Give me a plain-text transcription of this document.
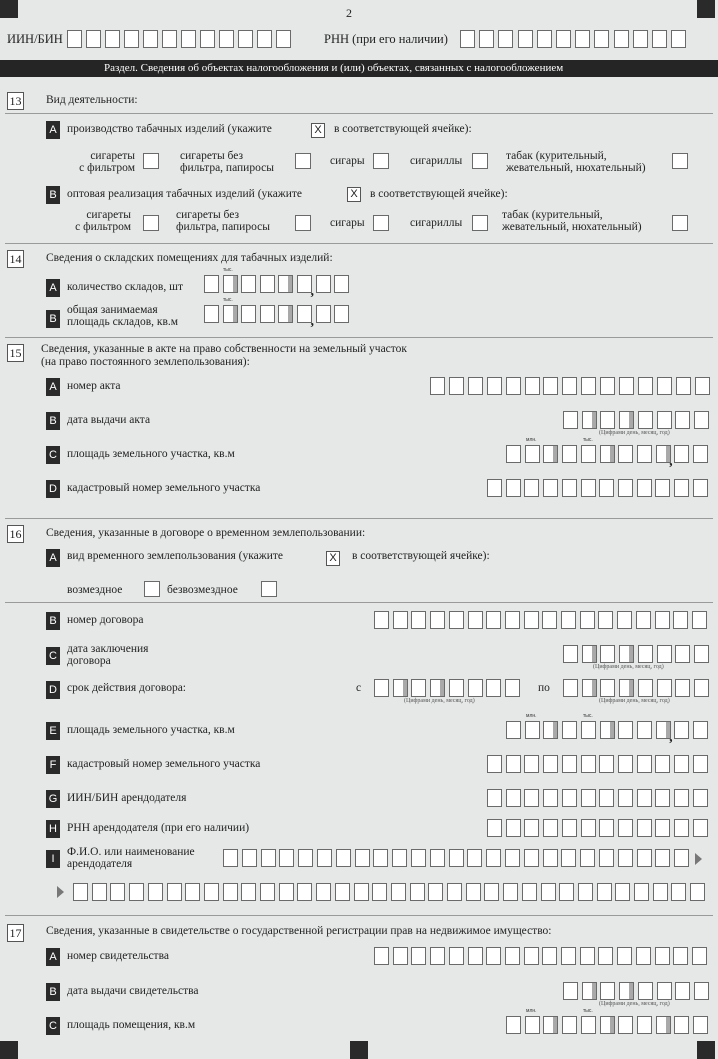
2
ИИН/БИН	РНН (при его наличии)
Раздел. Сведения об объектах налогообложения и (или) объектах, связанных с налогообложением
13 Вид деятельности:
A производство табачных изделий (укажите	X в соответствующей ячейке):
сигареты
с фильтром
сигареты без
фильтра, папиросы
сигары	сигариллы	табак (курительный,
жевательный, нюхательный)
B оптовая реализация табачных изделий (укажите	X в соответствующей ячейке):
сигареты
с фильтром
сигареты без
фильтра, папиросы	сигары	сигариллы
табак (курительный,
жевательный, нюхательный)
14 Сведения о складских помещениях для табачных изделий:
A количество складов, шт
тыс.
,
B
общая занимаемая
площадь складов, кв.м
тыс.
,
15 Сведения, указанные в акте на право собственности на земельный участок
(на право постоянного землепользования):
A номер акта
B дата выдачи акта
(Цифрами день, месяц, год)
C площадь земельного участка, кв.м
млн.	тыс.
,
D кадастровый номер земельного участка
16 Сведения, указанные в договоре о временном землепользовании:
A вид временного землепользования (укажите	X в соответствующей ячейке):
возмездное	безвозмездное
B номер договора
C
дата заключения
договора	(Цифрами день, месяц, год)
D срок действия договора:	с
(Цифрами день, месяц, год)
по
(Цифрами день, месяц, год)
E площадь земельного участка, кв.м
млн.	тыс.
,
F кадастровый номер земельного участка
G ИИН/БИН арендодателя
H РНН арендодателя (при его наличии)
I
Ф.И.О. или наименование
арендодателя
17 Сведения, указанные в свидетельстве о государственной регистрации прав на недвижимое имущество:
A номер свидетельства
B дата выдачи свидетельства
(Цифрами день, месяц, год)
C площадь помещения, кв.м
млн.	тыс.
